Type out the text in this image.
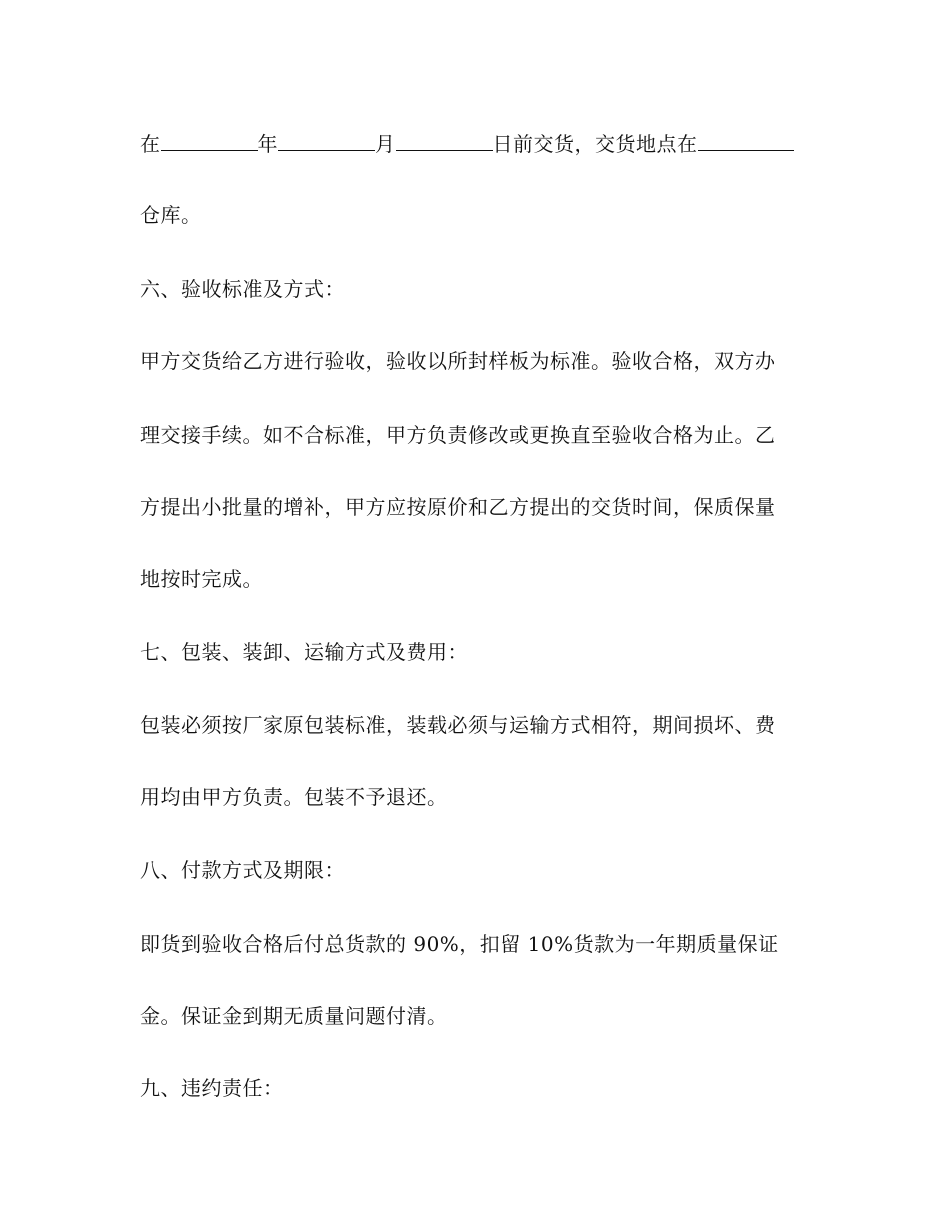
在	年	月	日前交货，交货地点在
仓库。
六、验收标准及方式：
甲方交货给乙方进行验收，验收以所封样板为标准。验收合格，双方办
理交接手续。如不合标准，甲方负责修改或更换直至验收合格为止。乙
方提出小批量的增补，甲方应按原价和乙方提出的交货时间，保质保量
地按时完成。
七、包装、装卸、运输方式及费用：
包装必须按厂家原包装标准，装载必须与运输方式相符，期间损坏、费
用均由甲方负责。包装不予退还。
八、付款方式及期限：
即货到验收合格后付总货款的 90%，扣留 10%货款为一年期质量保证
金。保证金到期无质量问题付清。
九、违约责任：
